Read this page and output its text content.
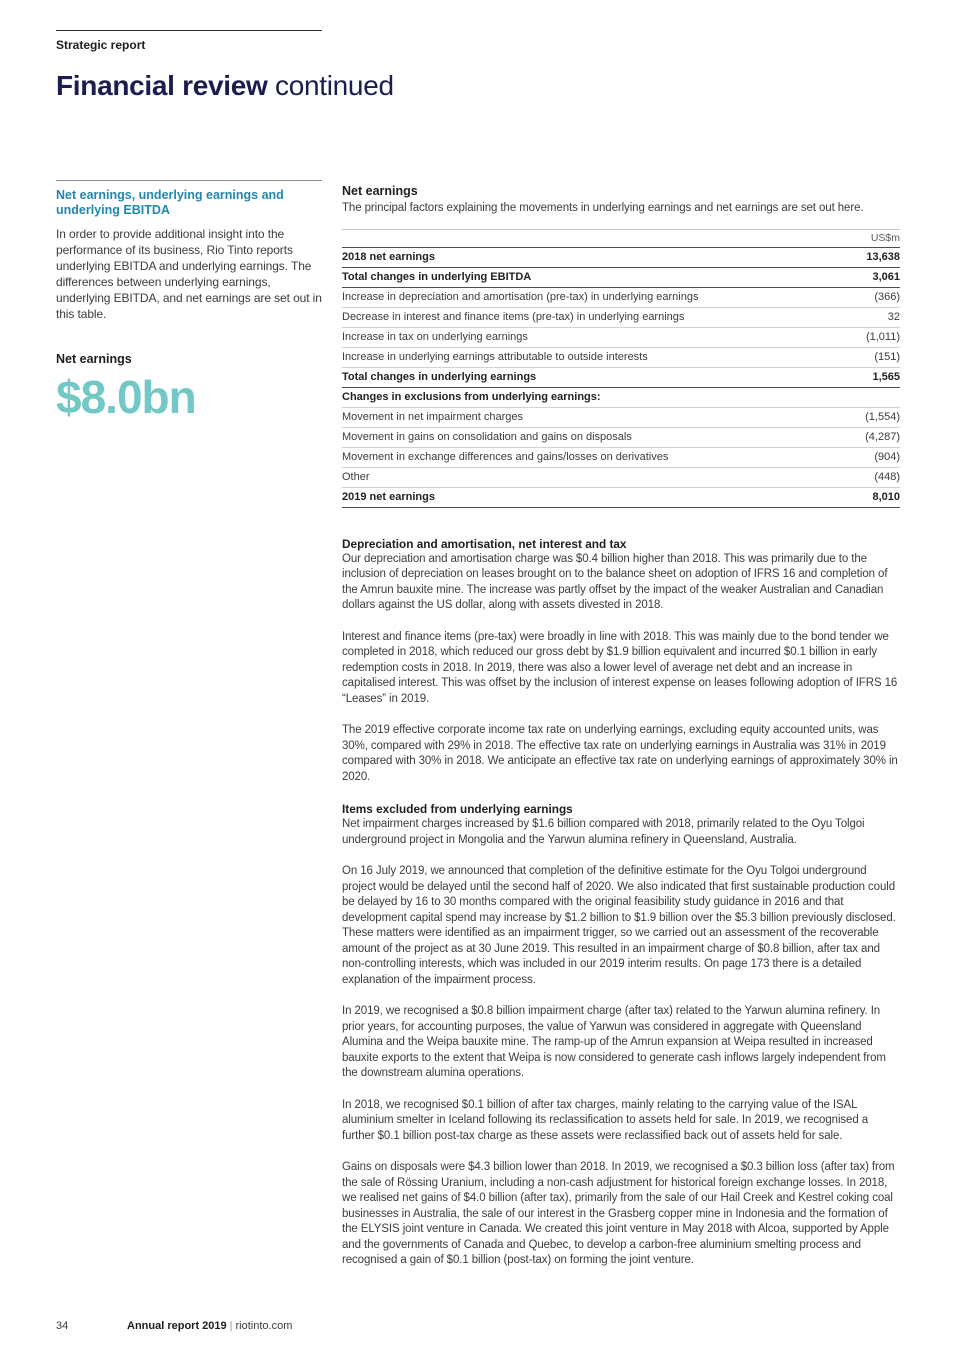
Strategic report
Financial review continued
Net earnings, underlying earnings and underlying EBITDA
In order to provide additional insight into the performance of its business, Rio Tinto reports underlying EBITDA and underlying earnings. The differences between underlying earnings, underlying EBITDA, and net earnings are set out in this table.
Net earnings
$8.0bn
Net earnings
The principal factors explaining the movements in underlying earnings and net earnings are set out here.
	US$m
2018 net earnings	13,638
Total changes in underlying EBITDA	3,061
Increase in depreciation and amortisation (pre-tax) in underlying earnings	(366)
Decrease in interest and finance items (pre-tax) in underlying earnings	32
Increase in tax on underlying earnings	(1,011)
Increase in underlying earnings attributable to outside interests	(151)
Total changes in underlying earnings	1,565
Changes in exclusions from underlying earnings:	
Movement in net impairment charges	(1,554)
Movement in gains on consolidation and gains on disposals	(4,287)
Movement in exchange differences and gains/losses on derivatives	(904)
Other	(448)
2019 net earnings	8,010
Depreciation and amortisation, net interest and tax
Our depreciation and amortisation charge was $0.4 billion higher than 2018. This was primarily due to the inclusion of depreciation on leases brought on to the balance sheet on adoption of IFRS 16 and completion of the Amrun bauxite mine. The increase was partly offset by the impact of the weaker Australian and Canadian dollars against the US dollar, along with assets divested in 2018.
Interest and finance items (pre-tax) were broadly in line with 2018. This was mainly due to the bond tender we completed in 2018, which reduced our gross debt by $1.9 billion equivalent and incurred $0.1 billion in early redemption costs in 2018. In 2019, there was also a lower level of average net debt and an increase in capitalised interest. This was offset by the inclusion of interest expense on leases following adoption of IFRS 16 “Leases” in 2019.
The 2019 effective corporate income tax rate on underlying earnings, excluding equity accounted units, was 30%, compared with 29% in 2018. The effective tax rate on underlying earnings in Australia was 31% in 2019 compared with 30% in 2018. We anticipate an effective tax rate on underlying earnings of approximately 30% in 2020.
Items excluded from underlying earnings
Net impairment charges increased by $1.6 billion compared with 2018, primarily related to the Oyu Tolgoi underground project in Mongolia and the Yarwun alumina refinery in Queensland, Australia.
On 16 July 2019, we announced that completion of the definitive estimate for the Oyu Tolgoi underground project would be delayed until the second half of 2020. We also indicated that first sustainable production could be delayed by 16 to 30 months compared with the original feasibility study guidance in 2016 and that development capital spend may increase by $1.2 billion to $1.9 billion over the $5.3 billion previously disclosed. These matters were identified as an impairment trigger, so we carried out an assessment of the recoverable amount of the project as at 30 June 2019. This resulted in an impairment charge of $0.8 billion, after tax and non-controlling interests, which was included in our 2019 interim results. On page 173 there is a detailed explanation of the impairment process.
In 2019, we recognised a $0.8 billion impairment charge (after tax) related to the Yarwun alumina refinery. In prior years, for accounting purposes, the value of Yarwun was considered in aggregate with Queensland Alumina and the Weipa bauxite mine. The ramp-up of the Amrun expansion at Weipa resulted in increased bauxite exports to the extent that Weipa is now considered to generate cash inflows largely independent from the downstream alumina operations.
In 2018, we recognised $0.1 billion of after tax charges, mainly relating to the carrying value of the ISAL aluminium smelter in Iceland following its reclassification to assets held for sale. In 2019, we recognised a further $0.1 billion post-tax charge as these assets were reclassified back out of assets held for sale.
Gains on disposals were $4.3 billion lower than 2018. In 2019, we recognised a $0.3 billion loss (after tax) from the sale of Rössing Uranium, including a non-cash adjustment for historical foreign exchange losses. In 2018, we realised net gains of $4.0 billion (after tax), primarily from the sale of our Hail Creek and Kestrel coking coal businesses in Australia, the sale of our interest in the Grasberg copper mine in Indonesia and the formation of the ELYSIS joint venture in Canada. We created this joint venture in May 2018 with Alcoa, supported by Apple and the governments of Canada and Quebec, to develop a carbon-free aluminium smelting process and recognised a gain of $0.1 billion (post-tax) on forming the joint venture.
34	Annual report 2019 | riotinto.com
